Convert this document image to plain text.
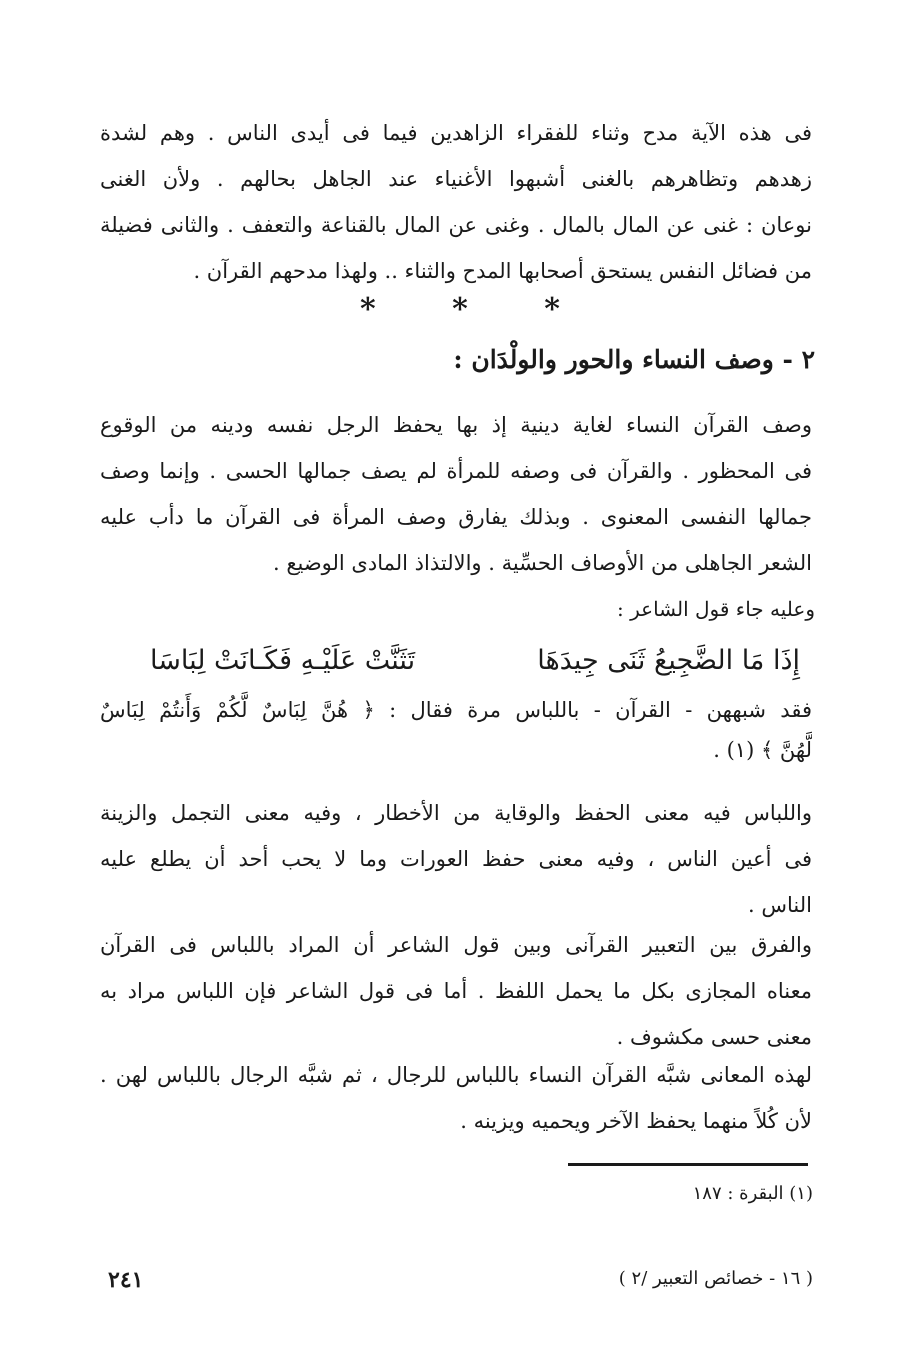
فى هذه الآية مدح وثناء للفقراء الزاهدين فيما فى أيدى الناس . وهم لشدة
زهدهم وتظاهرهم بالغنى أشبهوا الأغنياء عند الجاهل بحالهم . ولأن الغنى
نوعان : غنى عن المال بالمال . وغنى عن المال بالقناعة والتعفف . والثانى فضيلة
من فضائل النفس يستحق أصحابها المدح والثناء .. ولهذا مدحهم القرآن .
*	*	*
٢ - وصف النساء والحور والولْدَان :
وصف القرآن النساء لغاية دينية إذ بها يحفظ الرجل نفسه ودينه من الوقوع
فى المحظور . والقرآن فى وصفه للمرأة لم يصف جمالها الحسى . وإنما وصف
جمالها النفسى المعنوى . وبذلك يفارق وصف المرأة فى القرآن ما دأب عليه
الشعر الجاهلى من الأوصاف الحسِّية . والالتذاذ المادى الوضيع .
وعليه جاء قول الشاعر :
إِذَا مَا الضَّجِيعُ ثَنَى جِيدَهَا
تَثَنَّتْ عَلَيْـهِ فَكَـانَتْ لِبَاسَا
فقد شبههن - القرآن - باللباس مرة فقال : ﴿ هُنَّ لِبَاسٌ لَّكُمْ وَأَنتُمْ لِبَاسٌ
لَّهُنَّ ﴾ (١) .
واللباس فيه معنى الحفظ والوقاية من الأخطار ، وفيه معنى التجمل والزينة
فى أعين الناس ، وفيه معنى حفظ العورات وما لا يحب أحد أن يطلع عليه
الناس .
والفرق بين التعبير القرآنى وبين قول الشاعر أن المراد باللباس فى القرآن
معناه المجازى بكل ما يحمل اللفظ . أما فى قول الشاعر فإن اللباس مراد به
معنى حسى مكشوف .
لهذه المعانى شبَّه القرآن النساء باللباس للرجال ، ثم شبَّه الرجال باللباس لهن .
لأن كُلاً منهما يحفظ الآخر ويحميه ويزينه .
(١) البقرة : ١٨٧
٢٤١	( ١٦ - خصائص التعبير /٢ )
